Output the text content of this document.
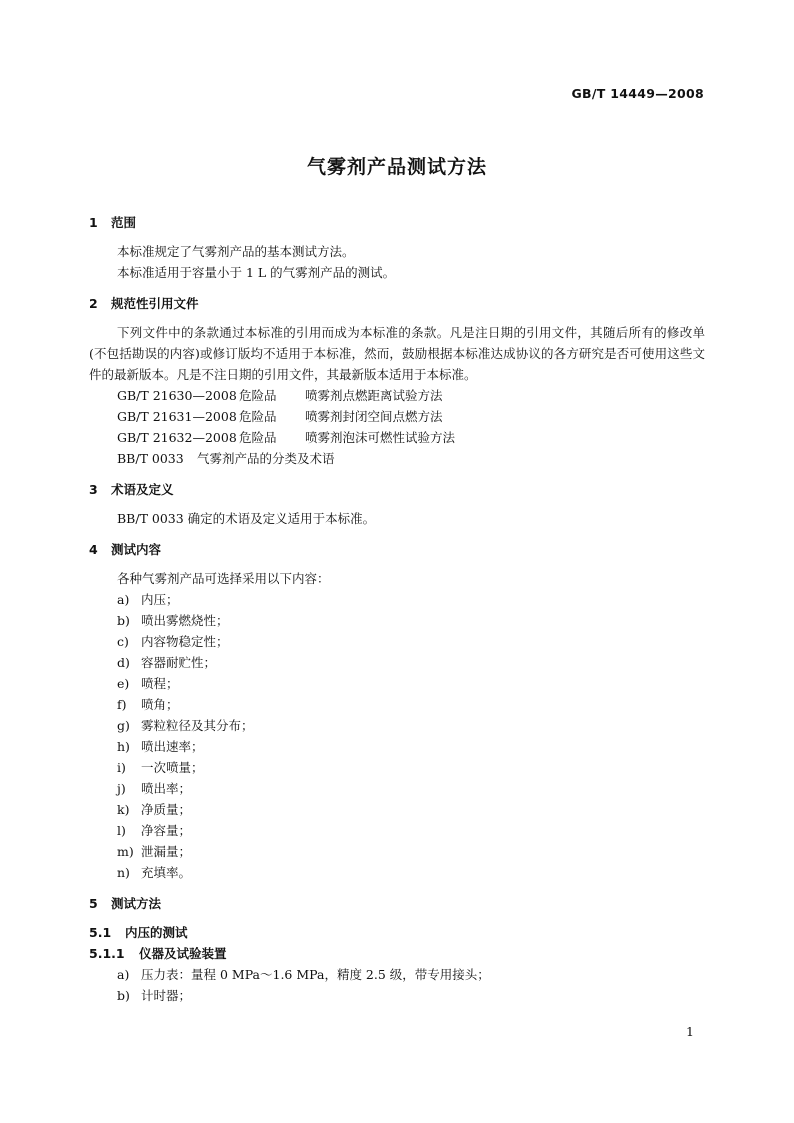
GB/T 14449—2008
气雾剂产品测试方法
1 范围

本标准规定了气雾剂产品的基本测试方法。

本标准适用于容量小于 1 L 的气雾剂产品的测试。

2 规范性引用文件

下列文件中的条款通过本标准的引用而成为本标准的条款。凡是注日期的引用文件，其随后所有的修改单(不包括勘误的内容)或修订版均不适用于本标准，然而，鼓励根据本标准达成协议的各方研究是否可使用这些文件的最新版本。凡是不注日期的引用文件，其最新版本适用于本标准。

GB/T 21630—2008 危险品 喷雾剂点燃距离试验方法

GB/T 21631—2008 危险品 喷雾剂封闭空间点燃方法

GB/T 21632—2008 危险品 喷雾剂泡沫可燃性试验方法

BB/T 0033 气雾剂产品的分类及术语

3 术语及定义

BB/T 0033 确定的术语及定义适用于本标准。

4 测试内容

各种气雾剂产品可选择采用以下内容：

a) 内压；

b) 喷出雾燃烧性；

c) 内容物稳定性；

d) 容器耐贮性；

e) 喷程；

f) 喷角；

g) 雾粒粒径及其分布；

h) 喷出速率；

i) 一次喷量；

j) 喷出率；

k) 净质量；

l) 净容量；

m) 泄漏量；

n) 充填率。

5 测试方法
5.1 内压的测试
5.1.1 仪器及试验装置

a) 压力表：量程 0 MPa～1.6 MPa，精度 2.5 级，带专用接头；

b) 计时器；

1
